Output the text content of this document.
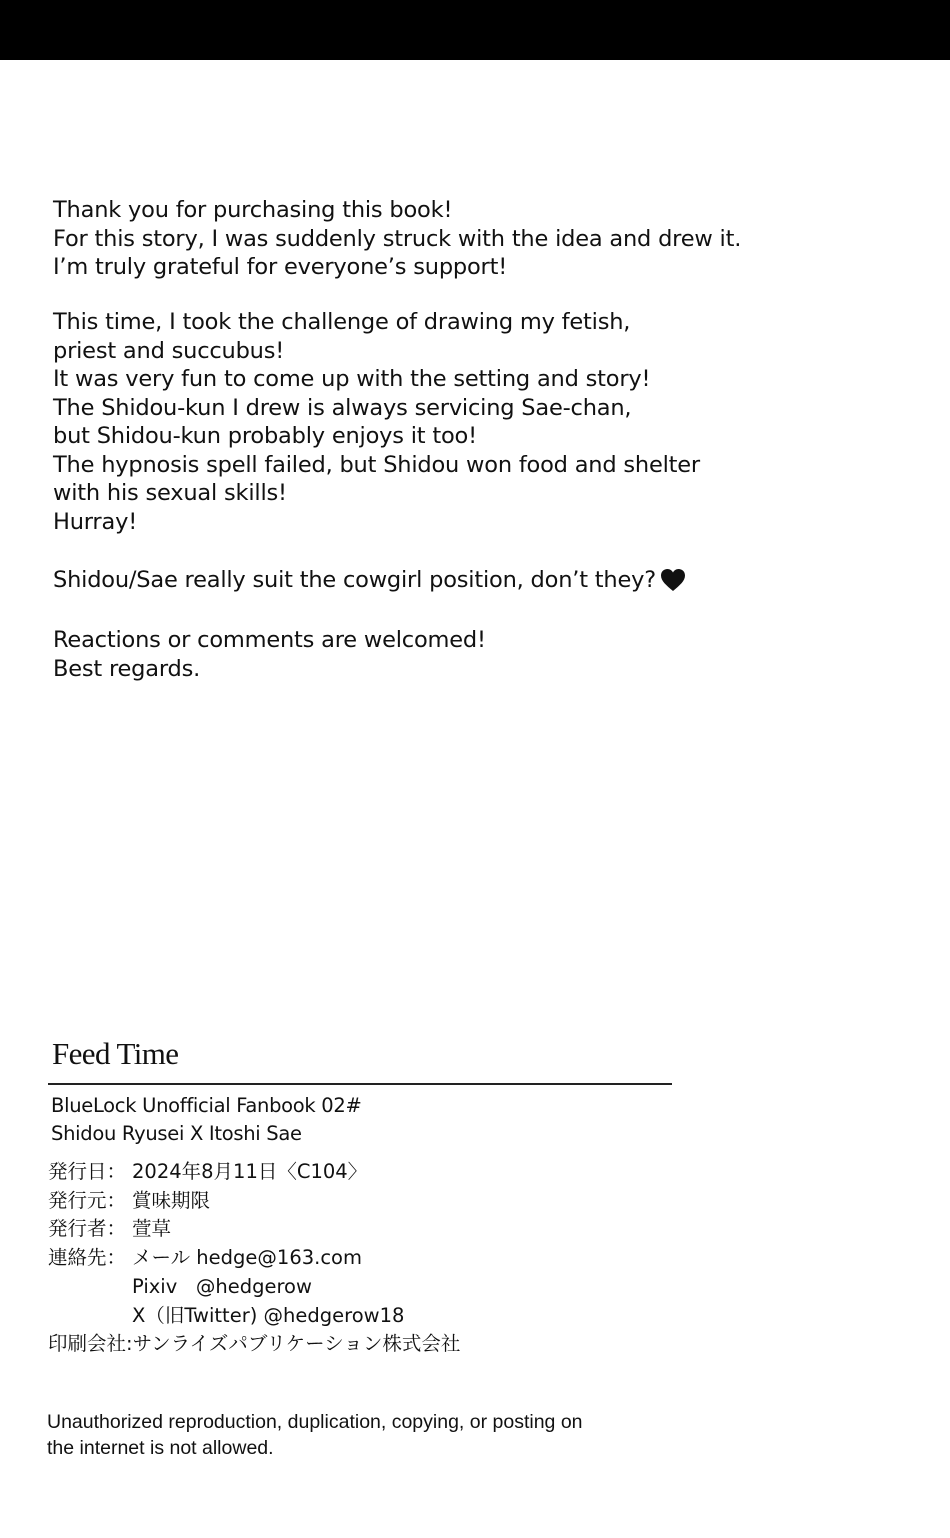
Thank you for purchasing this book!
For this story, I was suddenly struck with the idea and drew it.
I’m truly grateful for everyone’s support!

This time, I took the challenge of drawing my fetish,
priest and succubus!
It was very fun to come up with the setting and story!
The Shidou-kun I drew is always servicing Sae-chan,
but Shidou-kun probably enjoys it too!
The hypnosis spell failed, but Shidou won food and shelter
with his sexual skills!
Hurray!

Shidou/Sae really suit the cowgirl position, don’t they?

Reactions or comments are welcomed!
Best regards.

Feed Time
BlueLock Unofficial Fanbook 02#
Shidou Ryusei X Itoshi Sae
発行日： 2024年8月11日〈C104〉
発行元： 賞味期限
発行者： 萱草
連絡先： メール hedge@163.com
Pixiv   @hedgerow
X（旧Twitter) @hedgerow18
印刷会社: サンライズパブリケーション株式会社
Unauthorized reproduction, duplication, copying, or posting on
the internet is not allowed.
